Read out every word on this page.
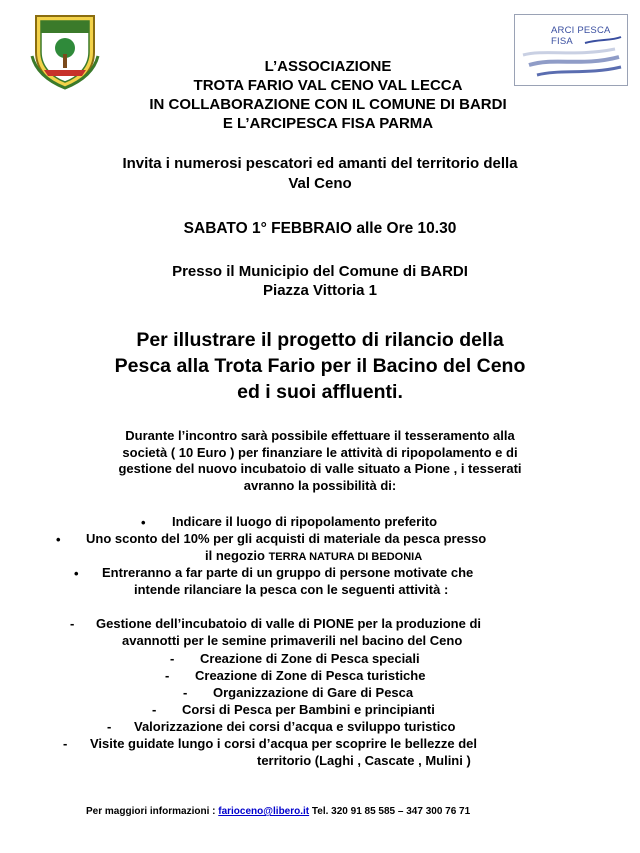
ARCI PESCA FISA
L’ASSOCIAZIONE
TROTA FARIO VAL CENO VAL LECCA
IN COLLABORAZIONE CON IL COMUNE DI BARDI
E L’ARCIPESCA FISA PARMA
Invita i numerosi pescatori ed amanti del territorio della
Val Ceno
SABATO 1° FEBBRAIO alle Ore 10.30
Presso il Municipio del Comune di BARDI
Piazza Vittoria 1
Per illustrare il progetto di rilancio della
Pesca alla Trota Fario per il Bacino del Ceno
ed i suoi affluenti.
Durante l’incontro sarà possibile effettuare il tesseramento alla
società ( 10 Euro ) per finanziare le attività di ripopolamento e di
gestione del nuovo incubatoio di valle situato a Pione , i tesserati
avranno la possibilità di:
• Indicare il luogo di ripopolamento preferito
• Uno sconto del 10% per gli acquisti di materiale da pesca presso
il negozio TERRA NATURA DI BEDONIA
• Entreranno a far parte di un gruppo di persone motivate che
intende rilanciare la pesca con le seguenti attività :
- Gestione dell’incubatoio di valle di PIONE per la produzione di
avannotti per le semine primaverili nel bacino del Ceno
- Creazione di Zone di Pesca speciali
- Creazione di Zone di Pesca turistiche
- Organizzazione di Gare di Pesca
- Corsi di Pesca per Bambini e principianti
- Valorizzazione dei corsi d’acqua e sviluppo turistico
- Visite guidate lungo i corsi d’acqua per scoprire le bellezze del
territorio (Laghi , Cascate , Mulini )
Per maggiori informazioni : farioceno@libero.it Tel. 320 91 85 585 – 347 300 76 71
